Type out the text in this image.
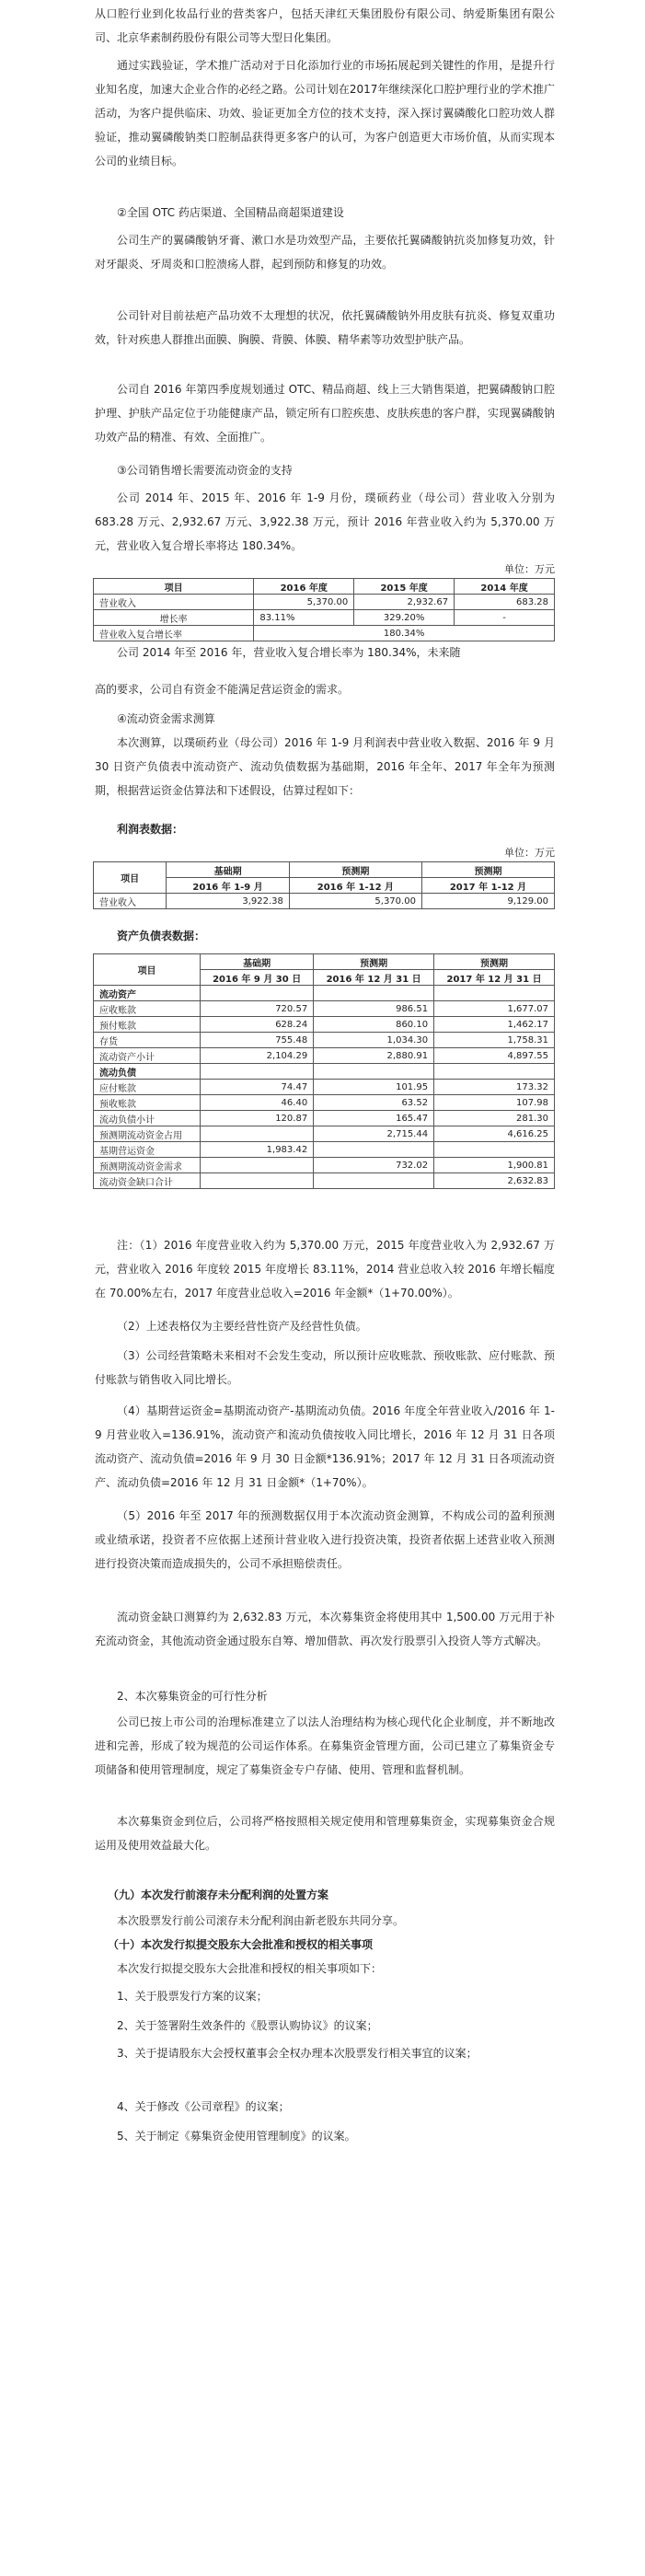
从口腔行业到化妆品行业的营类客户，包括天津红天集团股份有限公司、纳爱斯集团有限公司、北京华素制药股份有限公司等大型日化集团。

通过实践验证，学术推广活动对于日化添加行业的市场拓展起到关键性的作用，是提升行业知名度，加速大企业合作的必经之路。公司计划在2017年继续深化口腔护理行业的学术推广活动，为客户提供临床、功效、验证更加全方位的技术支持，深入探讨翼磷酸化口腔功效人群验证，推动翼磷酸钠类口腔制品获得更多客户的认可，为客户创造更大市场价值，从而实现本公司的业绩目标。

②全国 OTC 药店渠道、全国精品商超渠道建设

公司生产的翼磷酸钠牙膏、漱口水是功效型产品，主要依托翼磷酸钠抗炎加修复功效，针对牙龈炎、牙周炎和口腔溃疡人群，起到预防和修复的功效。

公司针对目前祛疤产品功效不太理想的状况，依托翼磷酸钠外用皮肤有抗炎、修复双重功效，针对疾患人群推出面膜、胸膜、背膜、体膜、精华素等功效型护肤产品。

公司自 2016 年第四季度规划通过 OTC、精品商超、线上三大销售渠道，把翼磷酸钠口腔护理、护肤产品定位于功能健康产品，锁定所有口腔疾患、皮肤疾患的客户群，实现翼磷酸钠功效产品的精准、有效、全面推广。

③公司销售增长需要流动资金的支持

公司 2014 年、2015 年、2016 年 1-9 月份，璞硕药业（母公司）营业收入分别为 683.28 万元、2,932.67 万元、3,922.38 万元，预计 2016 年营业收入约为 5,370.00 万元，营业收入复合增长率将达 180.34%。

单位：万元
项目	2016 年度	2015 年度	2014 年度
营业收入	5,370.00	2,932.67	683.28
增长率	83.11%	329.20%	-
营业收入复合增长率	180.34%		

公司 2014 年至 2016 年，营业收入复合增长率为 180.34%，未来随

高的要求，公司自有资金不能满足营运资金的需求。

④流动资金需求测算

本次测算，以璞硕药业（母公司）2016 年 1-9 月利润表中营业收入数据、2016 年 9 月 30 日资产负债表中流动资产、流动负债数据为基础期，2016 年全年、2017 年全年为预测期，根据营运资金估算法和下述假设，估算过程如下：

利润表数据：

单位：万元
项目	基础期	预测期	预测期
	2016 年 1-9 月	2016 年 1-12 月	2017 年 1-12 月
营业收入	3,922.38	5,370.00	9,129.00

资产负债表数据：

项目	基础期	预测期	预测期
	2016 年 9 月 30 日	2016 年 12 月 31 日	2017 年 12 月 31 日
流动资产			
应收账款	720.57	986.51	1,677.07
预付账款	628.24	860.10	1,462.17
存货	755.48	1,034.30	1,758.31
流动资产小计	2,104.29	2,880.91	4,897.55
流动负债			
应付账款	74.47	101.95	173.32
预收账款	46.40	63.52	107.98
流动负债小计	120.87	165.47	281.30
预测期流动资金占用		2,715.44	4,616.25
基期营运资金	1,983.42		
预测期流动资金需求		732.02	1,900.81
流动资金缺口合计			2,632.83

注：（1）2016 年度营业收入约为 5,370.00 万元，2015 年度营业收入为 2,932.67 万元，营业收入 2016 年度较 2015 年度增长 83.11%，2014 营业总收入较 2016 年增长幅度在 70.00%左右，2017 年度营业总收入=2016 年金额*（1+70.00%）。

（2）上述表格仅为主要经营性资产及经营性负债。

（3）公司经营策略未来相对不会发生变动，所以预计应收账款、预收账款、应付账款、预付账款与销售收入同比增长。

（4）基期营运资金=基期流动资产-基期流动负债。2016 年度全年营业收入/2016 年 1-9 月营业收入=136.91%，流动资产和流动负债按收入同比增长，2016 年 12 月 31 日各项流动资产、流动负债=2016 年 9 月 30 日金额*136.91%；2017 年 12 月 31 日各项流动资产、流动负债=2016 年 12 月 31 日金额*（1+70%）。

（5）2016 年至 2017 年的预测数据仅用于本次流动资金测算，不构成公司的盈利预测或业绩承诺，投资者不应依据上述预计营业收入进行投资决策，投资者依据上述营业收入预测进行投资决策而造成损失的，公司不承担赔偿责任。

流动资金缺口测算约为 2,632.83 万元，本次募集资金将使用其中 1,500.00 万元用于补充流动资金，其他流动资金通过股东自筹、增加借款、再次发行股票引入投资人等方式解决。

2、本次募集资金的可行性分析

公司已按上市公司的治理标准建立了以法人治理结构为核心现代化企业制度，并不断地改进和完善，形成了较为规范的公司运作体系。在募集资金管理方面，公司已建立了募集资金专项储备和使用管理制度，规定了募集资金专户存储、使用、管理和监督机制。

本次募集资金到位后，公司将严格按照相关规定使用和管理募集资金，实现募集资金合规运用及使用效益最大化。

（九）本次发行前滚存未分配利润的处置方案

本次股票发行前公司滚存未分配利润由新老股东共同分享。

（十）本次发行拟提交股东大会批准和授权的相关事项

本次发行拟提交股东大会批准和授权的相关事项如下：

1、关于股票发行方案的议案；

2、关于签署附生效条件的《股票认购协议》的议案；

3、关于提请股东大会授权董事会全权办理本次股票发行相关事宜的议案；

4、关于修改《公司章程》的议案；

5、关于制定《募集资金使用管理制度》的议案。
